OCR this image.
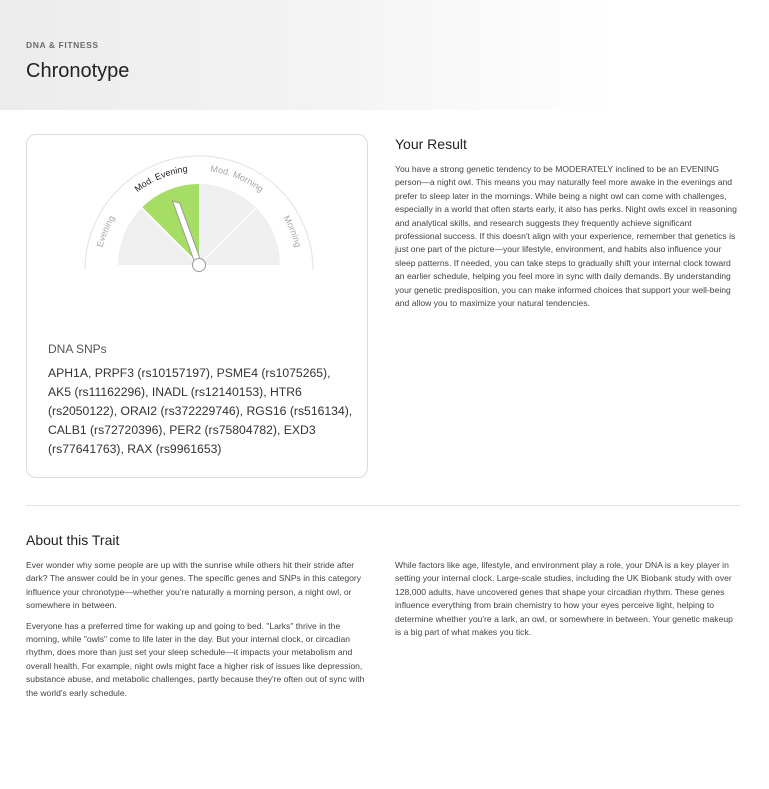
DNA & FITNESS
Chronotype
Evening
Mod. Evening Mod. Morning
Morning
DNA SNPs
APH1A, PRPF3 (rs10157197), PSME4 (rs1075265), AK5 (rs11162296), INADL (rs12140153), HTR6 (rs2050122), ORAI2 (rs372229746), RGS16 (rs516134), CALB1 (rs72720396), PER2 (rs75804782), EXD3 (rs77641763), RAX (rs9961653)
Your Result
You have a strong genetic tendency to be MODERATELY inclined to be an EVENING person—a night owl. This means you may naturally feel more awake in the evenings and prefer to sleep later in the mornings. While being a night owl can come with challenges, especially in a world that often starts early, it also has perks. Night owls excel in reasoning and analytical skills, and research suggests they frequently achieve significant professional success. If this doesn't align with your experience, remember that genetics is just one part of the picture—your lifestyle, environment, and habits also influence your sleep patterns. If needed, you can take steps to gradually shift your internal clock toward an earlier schedule, helping you feel more in sync with daily demands. By understanding your genetic predisposition, you can make informed choices that support your well-being and allow you to maximize your natural tendencies.
About this Trait

Ever wonder why some people are up with the sunrise while others hit their stride after dark? The answer could be in your genes. The specific genes and SNPs in this category influence your chronotype—whether you're naturally a morning person, a night owl, or somewhere in between.

Everyone has a preferred time for waking up and going to bed. "Larks" thrive in the morning, while "owls" come to life later in the day. But your internal clock, or circadian rhythm, does more than just set your sleep schedule—it impacts your metabolism and overall health. For example, night owls might face a higher risk of issues like depression, substance abuse, and metabolic challenges, partly because they're often out of sync with the world's early schedule.

While factors like age, lifestyle, and environment play a role, your DNA is a key player in setting your internal clock. Large-scale studies, including the UK Biobank study with over 128,000 adults, have uncovered genes that shape your circadian rhythm. These genes influence everything from brain chemistry to how your eyes perceive light, helping to determine whether you're a lark, an owl, or somewhere in between. Your genetic makeup is a big part of what makes you tick.
